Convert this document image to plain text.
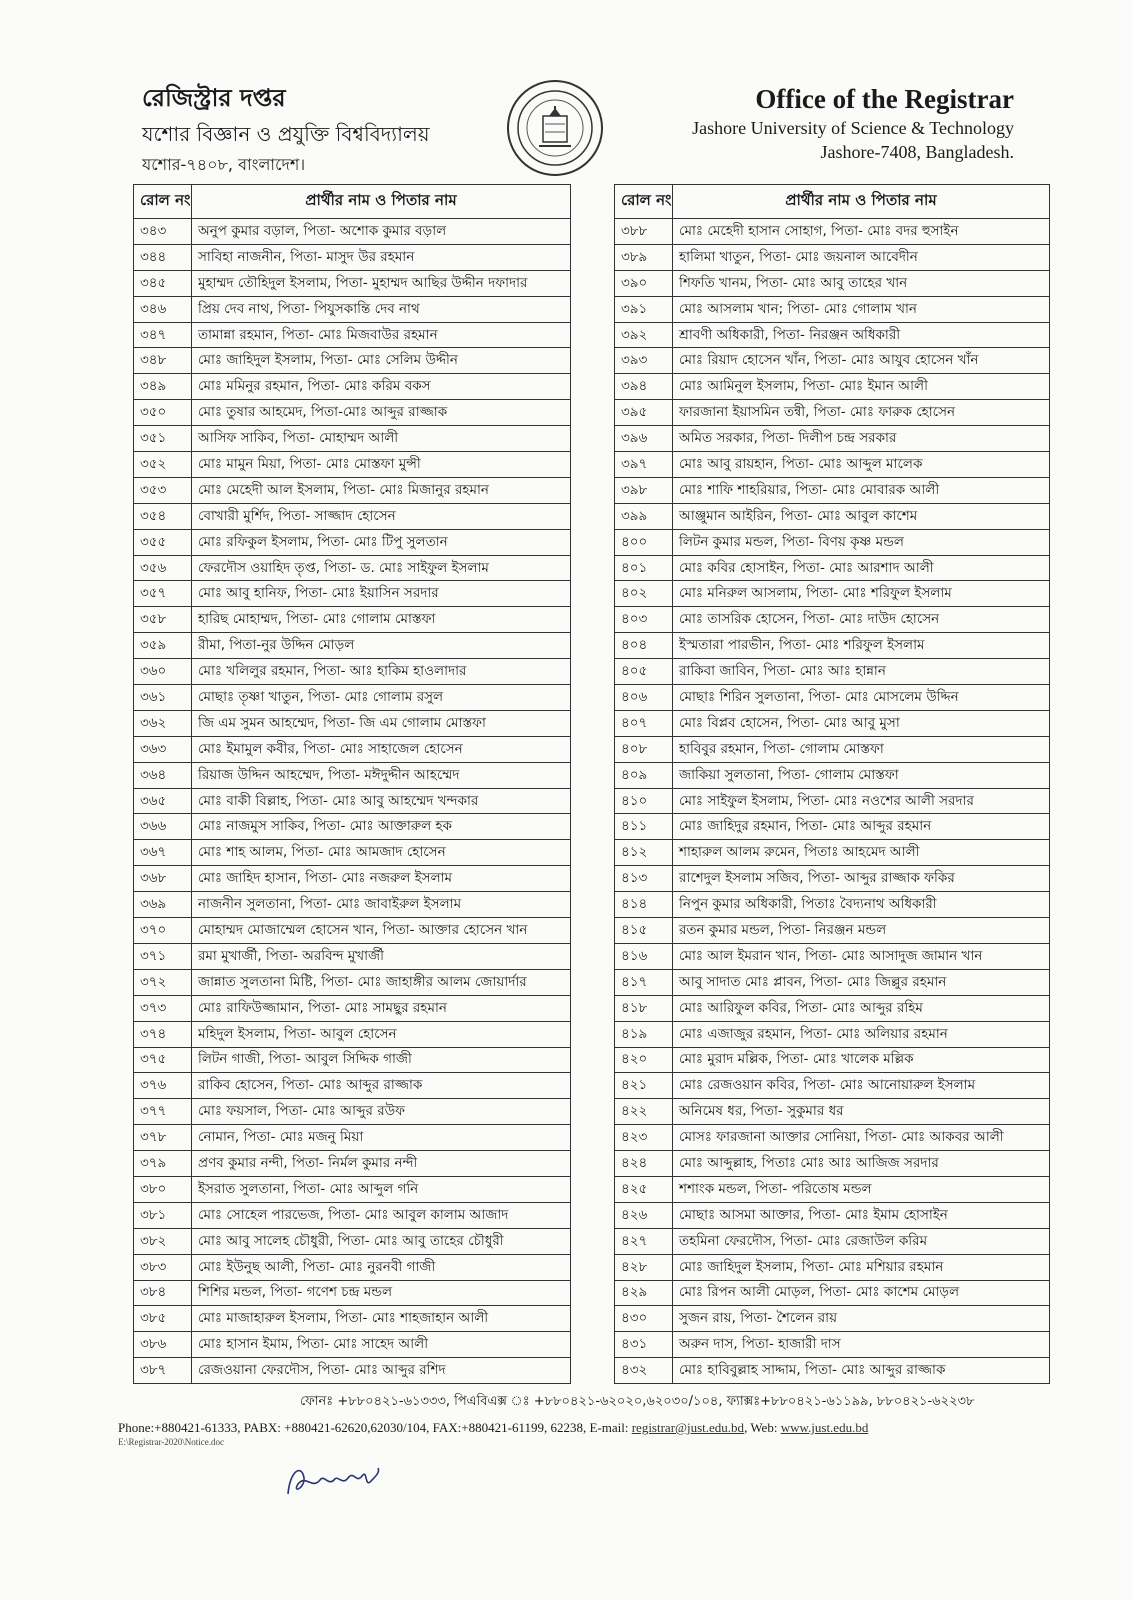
রেজিস্ট্রার দপ্তর
যশোর বিজ্ঞান ও প্রযুক্তি বিশ্ববিদ্যালয়
যশোর-৭৪০৮, বাংলাদেশ।
Office of the Registrar
Jashore University of Science & Technology
Jashore-7408, Bangladesh.
রোল নং	প্রার্থীর নাম ও পিতার নাম
৩৪৩	অনুপ কুমার বড়াল, পিতা- অশোক কুমার বড়াল
৩৪৪	সাবিহা নাজনীন, পিতা- মাসুদ উর রহমান
৩৪৫	মুহাম্মদ তৌহিদুল ইসলাম, পিতা- মুহাম্মদ আছির উদ্দীন দফাদার
৩৪৬	প্রিয় দেব নাথ, পিতা- পিযুসকান্তি দেব নাথ
৩৪৭	তামান্না রহমান, পিতা- মোঃ মিজবাউর রহমান
৩৪৮	মোঃ জাহিদুল ইসলাম, পিতা- মোঃ সেলিম উদ্দীন
৩৪৯	মোঃ মমিনুর রহমান, পিতা- মোঃ করিম বকস
৩৫০	মোঃ তুষার আহমেদ, পিতা-মোঃ আব্দুর রাজ্জাক
৩৫১	আসিফ সাকিব, পিতা- মোহাম্মদ আলী
৩৫২	মোঃ মামুন মিয়া, পিতা- মোঃ মোস্তফা মুন্সী
৩৫৩	মোঃ মেহেদী আল ইসলাম, পিতা- মোঃ মিজানুর রহমান
৩৫৪	বোখারী মুর্শিদ, পিতা- সাজ্জাদ হোসেন
৩৫৫	মোঃ রফিকুল ইসলাম, পিতা- মোঃ টিপু সুলতান
৩৫৬	ফেরদৌস ওয়াহিদ তৃপ্ত, পিতা- ড. মোঃ সাইফুল ইসলাম
৩৫৭	মোঃ আবু হানিফ, পিতা- মোঃ ইয়াসিন সরদার
৩৫৮	হারিছ মোহাম্মদ, পিতা- মোঃ গোলাম মোস্তফা
৩৫৯	রীমা, পিতা-নুর উদ্দিন মোড়ল
৩৬০	মোঃ খলিলুর রহমান, পিতা- আঃ হাকিম হাওলাদার
৩৬১	মোছাঃ তৃষ্ণা খাতুন, পিতা- মোঃ গোলাম রসুল
৩৬২	জি এম সুমন আহম্মেদ, পিতা- জি এম গোলাম মোস্তফা
৩৬৩	মোঃ ইমামুল কবীর, পিতা- মোঃ সাহাজেল হোসেন
৩৬৪	রিয়াজ উদ্দিন আহম্মেদ, পিতা- মঈদুদ্দীন আহম্মেদ
৩৬৫	মোঃ বাকী বিল্লাহ, পিতা- মোঃ আবু আহম্মেদ খন্দকার
৩৬৬	মোঃ নাজমুস সাকিব, পিতা- মোঃ আক্তারুল হক
৩৬৭	মোঃ শাহ আলম, পিতা- মোঃ আমজাদ হোসেন
৩৬৮	মোঃ জাহিদ হাসান, পিতা- মোঃ নজরুল ইসলাম
৩৬৯	নাজনীন সুলতানা, পিতা- মোঃ জাবাইরুল ইসলাম
৩৭০	মোহাম্মদ মোজাম্মেল হোসেন খান, পিতা- আক্তার হোসেন খান
৩৭১	রমা মুখার্জী, পিতা- অরবিন্দ মুখার্জী
৩৭২	জান্নাত সুলতানা মিষ্টি, পিতা- মোঃ জাহাঙ্গীর আলম জোয়ার্দার
৩৭৩	মোঃ রাফিউজ্জামান, পিতা- মোঃ সামছুর রহমান
৩৭৪	মহিদুল ইসলাম, পিতা- আবুল হোসেন
৩৭৫	লিটন গাজী, পিতা- আবুল সিদ্দিক গাজী
৩৭৬	রাকিব হোসেন, পিতা- মোঃ আব্দুর রাজ্জাক
৩৭৭	মোঃ ফয়সাল, পিতা- মোঃ আব্দুর রউফ
৩৭৮	নোমান, পিতা- মোঃ মজনু মিয়া
৩৭৯	প্রণব কুমার নন্দী, পিতা- নির্মল কুমার নন্দী
৩৮০	ইসরাত সুলতানা, পিতা- মোঃ আব্দুল গনি
৩৮১	মোঃ সোহেল পারভেজ, পিতা- মোঃ আবুল কালাম আজাদ
৩৮২	মোঃ আবু সালেহ চৌধুরী, পিতা- মোঃ আবু তাহের চৌধুরী
৩৮৩	মোঃ ইউনুছ আলী, পিতা- মোঃ নুরনবী গাজী
৩৮৪	শিশির মন্ডল, পিতা- গণেশ চন্দ্র মন্ডল
৩৮৫	মোঃ মাজাহারুল ইসলাম, পিতা- মোঃ শাহজাহান আলী
৩৮৬	মোঃ হাসান ইমাম, পিতা- মোঃ সাহেদ আলী
৩৮৭	রেজওয়ানা ফেরদৌস, পিতা- মোঃ আব্দুর রশিদ
রোল নং	প্রার্থীর নাম ও পিতার নাম
৩৮৮	মোঃ মেহেদী হাসান সোহাগ, পিতা- মোঃ বদর হুসাইন
৩৮৯	হালিমা খাতুন, পিতা- মোঃ জয়নাল আবেদীন
৩৯০	শিফতি খানম, পিতা- মোঃ আবু তাহের খান
৩৯১	মোঃ আসলাম খান; পিতা- মোঃ গোলাম খান
৩৯২	শ্রাবণী অধিকারী, পিতা- নিরঞ্জন অধিকারী
৩৯৩	মোঃ রিয়াদ হোসেন খাঁন, পিতা- মোঃ আযুব হোসেন খাঁন
৩৯৪	মোঃ আমিনুল ইসলাম, পিতা- মোঃ ইমান আলী
৩৯৫	ফারজানা ইয়াসমিন তন্বী, পিতা- মোঃ ফারুক হোসেন
৩৯৬	অমিত সরকার, পিতা- দিলীপ চন্দ্র সরকার
৩৯৭	মোঃ আবু রায়হান, পিতা- মোঃ আব্দুল মালেক
৩৯৮	মোঃ শাফি শাহরিয়ার, পিতা- মোঃ মোবারক আলী
৩৯৯	আঞ্জুমান আইরিন, পিতা- মোঃ আবুল কাশেম
৪০০	লিটন কুমার মন্ডল, পিতা- বিণয় কৃষ্ণ মন্ডল
৪০১	মোঃ কবির হোসাইন, পিতা- মোঃ আরশাদ আলী
৪০২	মোঃ মনিরুল আসলাম, পিতা- মোঃ শরিফুল ইসলাম
৪০৩	মোঃ তাসরিক হোসেন, পিতা- মোঃ দাউদ হোসেন
৪০৪	ইস্মতারা পারভীন, পিতা- মোঃ শরিফুল ইসলাম
৪০৫	রাকিবা জাবিন, পিতা- মোঃ আঃ হান্নান
৪০৬	মোছাঃ শিরিন সুলতানা, পিতা- মোঃ মোসলেম উদ্দিন
৪০৭	মোঃ বিপ্লব হোসেন, পিতা- মোঃ আবু মুসা
৪০৮	হাবিবুর রহমান, পিতা- গোলাম মোস্তফা
৪০৯	জাকিয়া সুলতানা, পিতা- গোলাম মোস্তফা
৪১০	মোঃ সাইফুল ইসলাম, পিতা- মোঃ নওশের আলী সরদার
৪১১	মোঃ জাহিদুর রহমান, পিতা- মোঃ আব্দুর রহমান
৪১২	শাহারুল আলম রুমেন, পিতাঃ আহমেদ আলী
৪১৩	রাশেদুল ইসলাম সজিব, পিতা- আব্দুর রাজ্জাক ফকির
৪১৪	নিপুন কুমার অধিকারী, পিতাঃ বৈদ্যনাথ অধিকারী
৪১৫	রতন কুমার মন্ডল, পিতা- নিরঞ্জন মন্ডল
৪১৬	মোঃ আল ইমরান খান, পিতা- মোঃ আসাদুজ জামান খান
৪১৭	আবু সাদাত মোঃ প্লাবন, পিতা- মোঃ জিল্লুর রহমান
৪১৮	মোঃ আরিফুল কবির, পিতা- মোঃ আব্দুর রহিম
৪১৯	মোঃ এজাজুর রহমান, পিতা- মোঃ অলিয়ার রহমান
৪২০	মোঃ মুরাদ মল্লিক, পিতা- মোঃ খালেক মল্লিক
৪২১	মোঃ রেজওয়ান কবির, পিতা- মোঃ আনোয়ারুল ইসলাম
৪২২	অনিমেষ ধর, পিতা- সুকুমার ধর
৪২৩	মোসঃ ফারজানা আক্তার সোনিয়া, পিতা- মোঃ আকবর আলী
৪২৪	মোঃ আব্দুল্লাহ, পিতাঃ মোঃ আঃ আজিজ সরদার
৪২৫	শশাংক মন্ডল, পিতা- পরিতোষ মন্ডল
৪২৬	মোছাঃ আসমা আক্তার, পিতা- মোঃ ইমাম হোসাইন
৪২৭	তহমিনা ফেরদৌস, পিতা- মোঃ রেজাউল করিম
৪২৮	মোঃ জাহিদুল ইসলাম, পিতা- মোঃ মশিয়ার রহমান
৪২৯	মোঃ রিপন আলী মোড়ল, পিতা- মোঃ কাশেম মোড়ল
৪৩০	সুজন রায়, পিতা- শৈলেন রায়
৪৩১	অরুন দাস, পিতা- হাজারী দাস
৪৩২	মোঃ হাবিবুল্লাহ সাদ্দাম, পিতা- মোঃ আব্দুর রাজ্জাক
ফোনঃ +৮৮০৪২১-৬১৩৩৩, পিএবিএক্স ঃ +৮৮০৪২১-৬২০২০,৬২০৩০/১০৪, ফ্যাক্সঃ+৮৮০৪২১-৬১১৯৯, ৮৮০৪২১-৬২২৩৮
Phone:+880421-61333, PABX: +880421-62620,62030/104, FAX:+880421-61199, 62238, E-mail: registrar@just.edu.bd, Web: www.just.edu.bd
E:\Registrar-2020\Notice.doc
